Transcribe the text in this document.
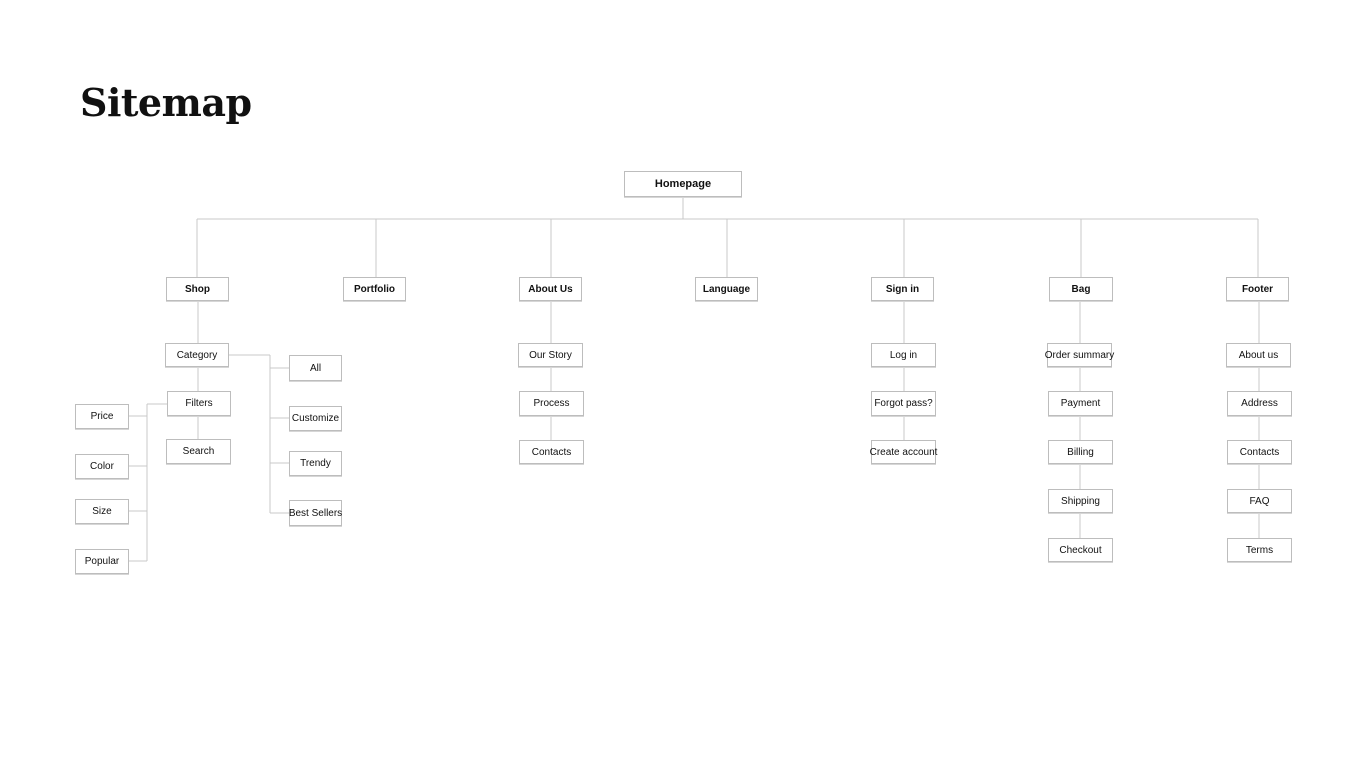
Sitemap
Homepage
Shop	Portfolio	About Us	Language	Sign in	Bag	Footer
Category
Filters
Search
All
Customize
Trendy
Best Sellers
Price
Color
Size
Popular
Our Story
Process
Contacts
Log in
Forgot pass?
Create account
Order summary
Payment
Billing
Shipping
Checkout
About us
Address
Contacts
FAQ
Terms
